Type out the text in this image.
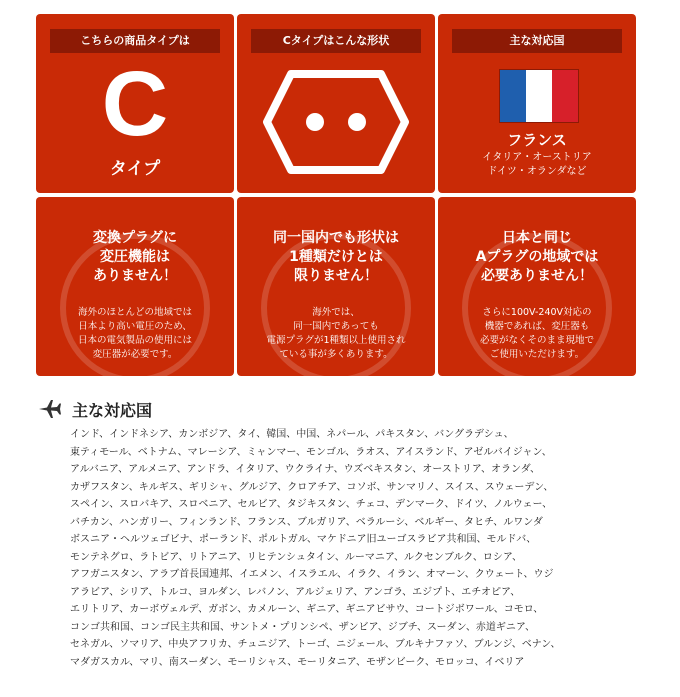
こちらの商品タイプは
C
タイプ
Cタイプはこんな形状	主な対応国
フランス
イタリア・オーストリア
ドイツ・オランダなど
変換プラグに
変圧機能は
ありません！
海外のほとんどの地域では
日本より高い電圧のため、
日本の電気製品の使用には
変圧器が必要です。
同一国内でも形状は
1種類だけとは
限りません！
海外では、
同一国内であっても
電源プラグが1種類以上使用され
ている事が多くあります。
日本と同じ
Aプラグの地域では
必要ありません！
さらに100V-240V対応の
機器であれば、変圧器も
必要がなくそのまま現地で
ご使用いただけます。
主な対応国
インド、インドネシア、カンボジア、タイ、韓国、中国、ネパール、パキスタン、バングラデシュ、
東ティモール、ベトナム、マレーシア、ミャンマー、モンゴル、ラオス、アイスランド、アゼルバイジャン、
アルバニア、アルメニア、アンドラ、イタリア、ウクライナ、ウズベキスタン、オーストリア、オランダ、
カザフスタン、キルギス、ギリシャ、グルジア、クロアチア、コソボ、サンマリノ、スイス、スウェーデン、
スペイン、スロバキア、スロベニア、セルビア、タジキスタン、チェコ、デンマーク、ドイツ、ノルウェー、
バチカン、ハンガリー、フィンランド、フランス、ブルガリア、ベラルーシ、ベルギー、タヒチ、ルワンダ
ボスニア・ヘルツェゴビナ、ポーランド、ポルトガル、マケドニア旧ユーゴスラビア共和国、モルドバ、
モンテネグロ、ラトビア、リトアニア、リヒテンシュタイン、ルーマニア、ルクセンブルク、ロシア、
アフガニスタン、アラブ首長国連邦、イエメン、イスラエル、イラク、イラン、オマーン、クウェート、ウジ
アラビア、シリア、トルコ、ヨルダン、レバノン、アルジェリア、アンゴラ、エジプト、エチオピア、
エリトリア、カーボヴェルデ、ガボン、カメルーン、ギニア、ギニアビサウ、コートジボワール、コモロ、
コンゴ共和国、コンゴ民主共和国、サントメ・プリンシペ、ザンビア、ジブチ、スーダン、赤道ギニア、
セネガル、ソマリア、中央アフリカ、チュニジア、トーゴ、ニジェール、ブルキナファソ、ブルンジ、ベナン、
マダガスカル、マリ、南スーダン、モーリシャス、モーリタニア、モザンビーク、モロッコ、イベリア
